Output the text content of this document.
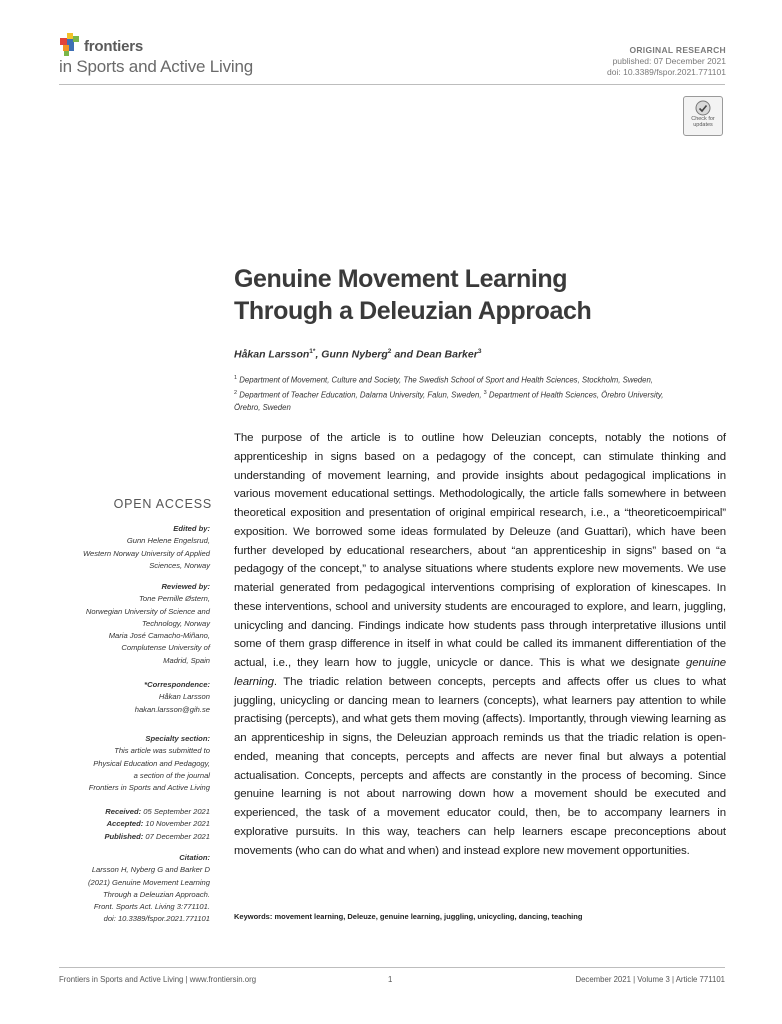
frontiers
in Sports and Active Living
ORIGINAL RESEARCH
published: 07 December 2021
doi: 10.3389/fspor.2021.771101
Check for
updates
Genuine Movement Learning
Through a Deleuzian Approach
Håkan Larsson$^{1*}$, Gunn Nyberg$^2$ and Dean Barker$^3$
$^1$ Department of Movement, Culture and Society, The Swedish School of Sport and Health Sciences, Stockholm, Sweden,
$^2$ Department of Teacher Education, Dalarna University, Falun, Sweden, $^3$ Department of Health Sciences, Örebro University,
Örebro, Sweden
The purpose of the article is to outline how Deleuzian concepts, notably the notions of apprenticeship in signs based on a pedagogy of the concept, can stimulate thinking and understanding of movement learning, and provide insights about pedagogical implications in various movement educational settings. Methodologically, the article falls somewhere in between theoretical exposition and presentation of original empirical research, i.e., a “theoreticoempirical” exposition. We borrowed some ideas formulated by Deleuze (and Guattari), which have been further developed by educational researchers, about “an apprenticeship in signs” based on “a pedagogy of the concept,” to analyse situations where students explore new movements. We use material generated from pedagogical interventions comprising of exploration of kinescapes. In these interventions, school and university students are encouraged to explore, and learn, juggling, unicycling and dancing. Findings indicate how students pass through interpretative illusions until some of them grasp difference in itself in what could be called its immanent differentiation of the actual, i.e., they learn how to juggle, unicycle or dance. This is what we designate genuine learning. The triadic relation between concepts, percepts and affects offer us clues to what juggling, unicycling or dancing mean to learners (concepts), what learners pay attention to while practising (percepts), and what gets them moving (affects). Importantly, through viewing learning as an apprenticeship in signs, the Deleuzian approach reminds us that the triadic relation is open-ended, meaning that concepts, percepts and affects are never final but always a potential actualisation. Concepts, percepts and affects are constantly in the process of becoming. Since genuine learning is not about narrowing down how a movement should be executed and experienced, the task of a movement educator could, then, be to accompany learners in explorative pursuits. In this way, teachers can help learners escape preconceptions about movements (who can do what and when) and instead explore new movement opportunities.
Keywords: movement learning, Deleuze, genuine learning, juggling, unicycling, dancing, teaching
OPEN ACCESS
Edited by:
Gunn Helene Engelsrud,
Western Norway University of Applied
Sciences, Norway
Reviewed by:
Tone Pernille Østern,
Norwegian University of Science and
Technology, Norway
Maria José Camacho-Miñano,
Complutense University of
Madrid, Spain
*Correspondence:
Håkan Larsson
hakan.larsson@gih.se
Specialty section:
This article was submitted to
Physical Education and Pedagogy,
a section of the journal
Frontiers in Sports and Active Living
Received: 05 September 2021
Accepted: 10 November 2021
Published: 07 December 2021
Citation:
Larsson H, Nyberg G and Barker D
(2021) Genuine Movement Learning
Through a Deleuzian Approach.
Front. Sports Act. Living 3:771101.
doi: 10.3389/fspor.2021.771101
Frontiers in Sports and Active Living | www.frontiersin.org	1	December 2021 | Volume 3 | Article 771101
